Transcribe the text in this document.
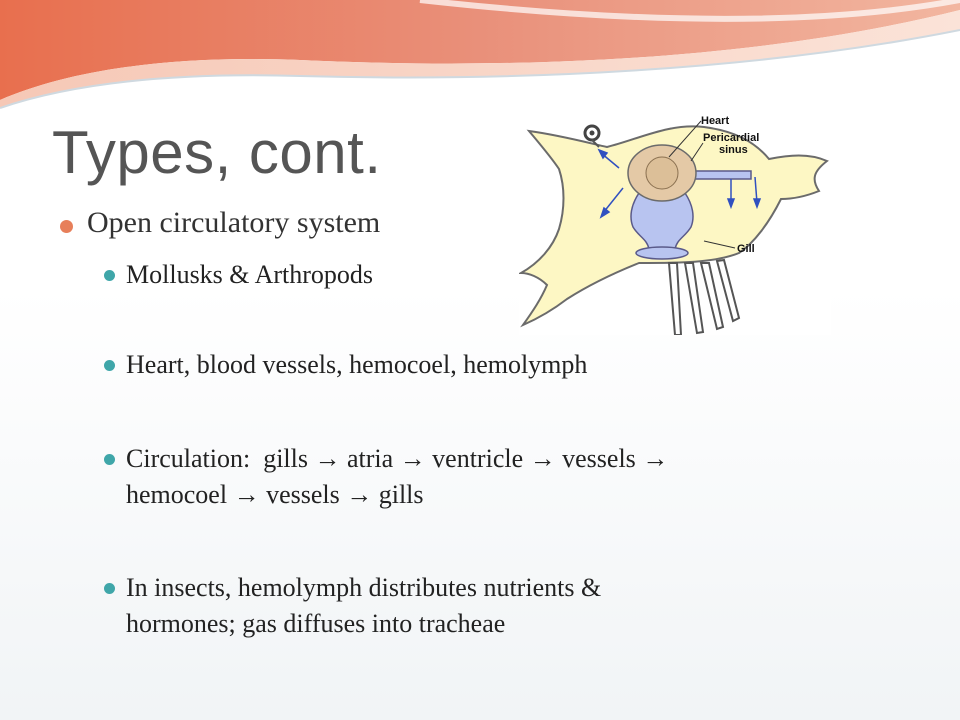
Types, cont.	Heart
Pericardial
sinus
Gill
Open circulatory system
Mollusks & Arthropods
Heart, blood vessels, hemocoel, hemolymph
Circulation:  gills → atria → ventricle → vessels →
hemocoel → vessels → gills
In insects, hemolymph distributes nutrients &
hormones; gas diffuses into tracheae
